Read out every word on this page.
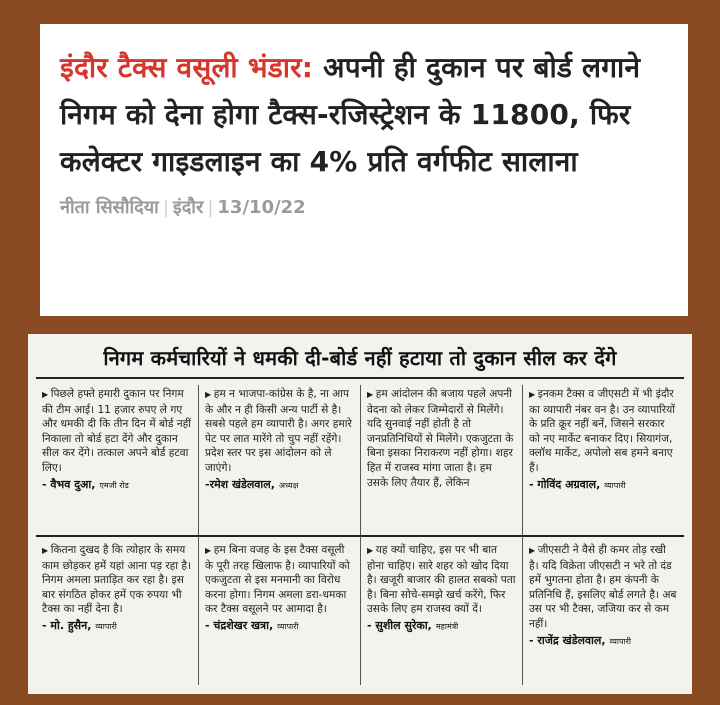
इंदौर टैक्स वसूली भंडार: अपनी ही दुकान पर बोर्ड लगाने निगम को देना होगा टैक्स-रजिस्ट्रेशन के 11800, फिर कलेक्टर गाइडलाइन का 4% प्रति वर्गफीट सालाना
नीता सिसौदिया | इंदौर | 13/10/22
निगम कर्मचारियों ने धमकी दी-बोर्ड नहीं हटाया तो दुकान सील कर देंगे
▶ पिछले हफ्ते हमारी दुकान पर निगम की टीम आई। 11 हजार रुपए ले गए और धमकी दी कि तीन दिन में बोर्ड नहीं निकाला तो बोर्ड हटा देंगे और दुकान सील कर देंगे। तत्काल अपने बोर्ड हटवा लिए।
- वैभव दुआ, एमजी रोड
▶ हम न भाजपा-कांग्रेस के है, ना आप के और न ही किसी अन्य पार्टी से है। सबसे पहले हम व्यापारी है। अगर हमारे पेट पर लात मारेंगे तो चुप नहीं रहेंगे। प्रदेश स्तर पर इस आंदोलन को ले जाएंगे।
-रमेश खंडेलवाल, अध्यक्ष
▶ हम आंदोलन की बजाय पहले अपनी वेदना को लेकर जिम्मेदारों से मिलेंगे। यदि सुनवाई नहीं होती है तो जनप्रतिनिधियों से मिलेंगे। एकजुटता के बिना इसका निराकरण नहीं होगा। शहर हित में राजस्व मांगा जाता है। हम उसके लिए तैयार हैं, लेकिन
▶ इनकम टैक्स व जीएसटी में भी इंदौर का व्यापारी नंबर वन है। उन व्यापारियों के प्रति क्रूर नहीं बनें, जिसने सरकार को नए मार्केट बनाकर दिए। सियागंज, क्लॉथ मार्केट, अपोलो सब हमने बनाए हैं।
- गोविंद अग्रवाल, व्यापारी
▶ कितना दुखद है कि त्योहार के समय काम छोड़कर हमें यहां आना पड़ रहा है। निगम अमला प्रताड़ित कर रहा है। इस बार संगठित होकर हमें एक रुपया भी टैक्स का नहीं देना है।
- मो. हुसैन, व्यापारी
▶ हम बिना वजह के इस टैक्स वसूली के पूरी तरह खिलाफ है। व्यापारियों को एकजुटता से इस मनमानी का विरोध करना होगा। निगम अमला डरा-धमका कर टैक्स वसूलने पर आमादा है।
- चंद्रशेखर खत्रा, व्यापारी
▶ यह क्यों चाहिए, इस पर भी बात होना चाहिए। सारे शहर को खोद दिया है। खजूरी बाजार की हालत सबको पता है। बिना सोचे-समझे खर्च करेंगे, फिर उसके लिए हम राजस्व क्यों दें।
- सुशील सुरेका, महामंत्री
▶ जीएसटी ने वैसे ही कमर तोड़ रखी है। यदि विक्रेता जीएसटी न भरे तो दंड हमें भुगतना होता है। हम कंपनी के प्रतिनिधि हैं, इसलिए बोर्ड लगते है। अब उस पर भी टैक्स, जजिया कर से कम नहीं।
- राजेंद्र खंडेलवाल, व्यापारी
